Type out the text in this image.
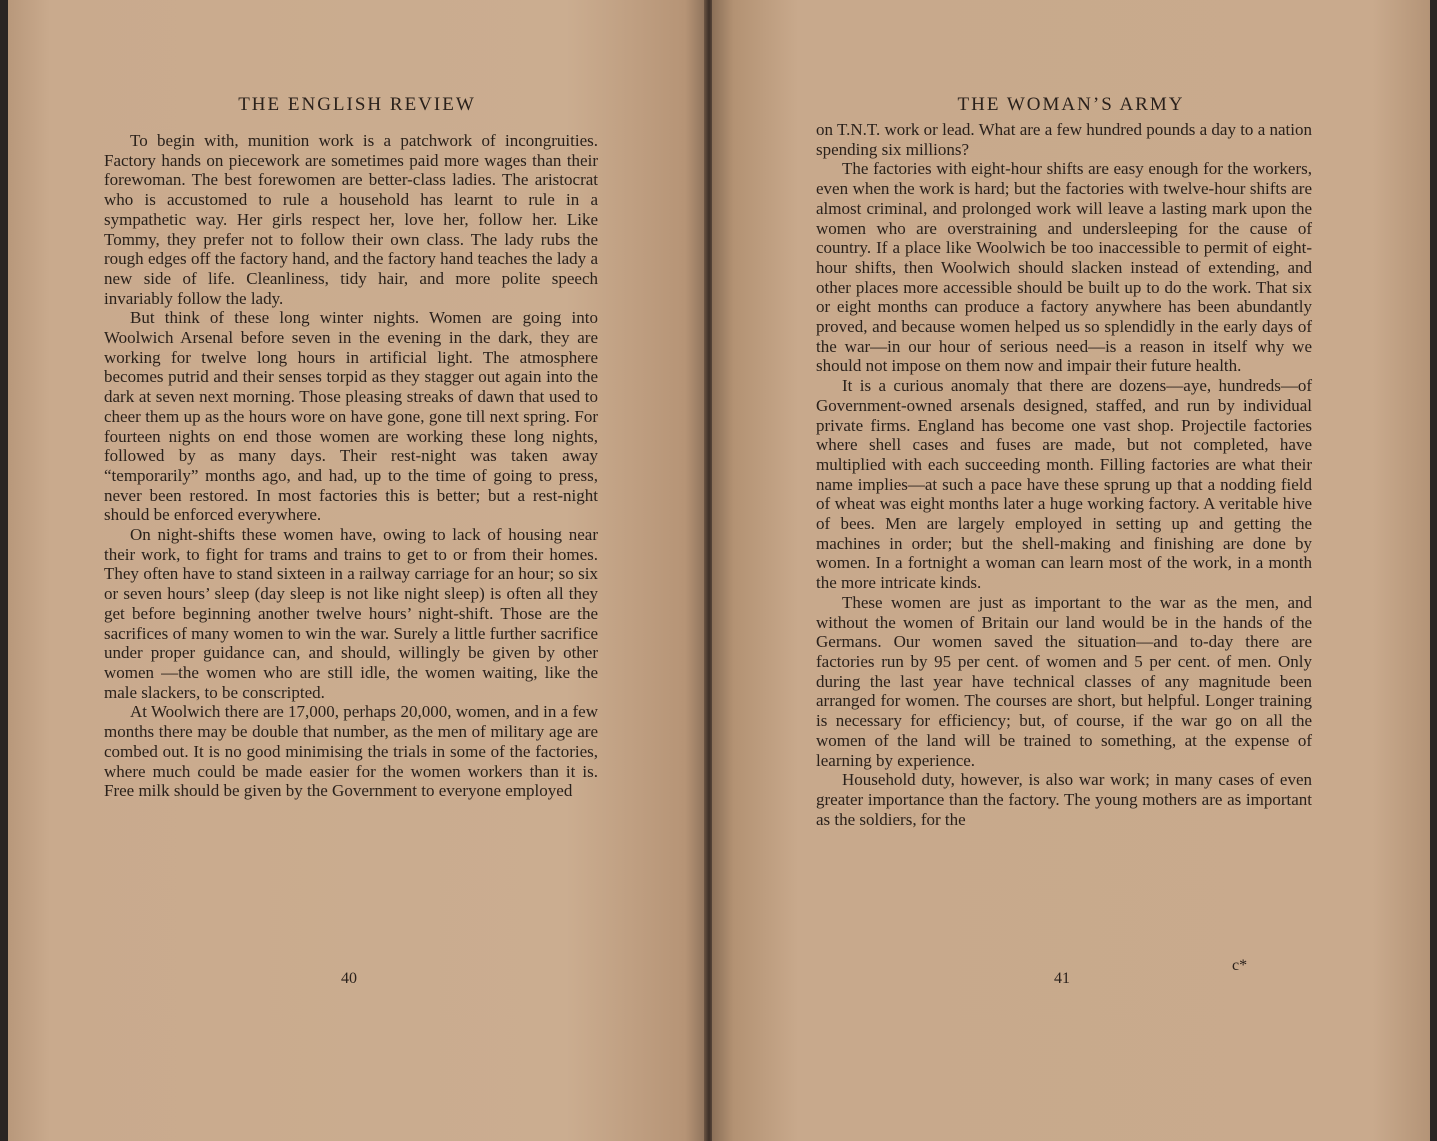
THE ENGLISH REVIEW

To begin with, munition work is a patchwork of incongruities. Factory hands on piecework are sometimes paid more wages than their forewoman. The best forewomen are better-class ladies. The aristocrat who is accustomed to rule a household has learnt to rule in a sympathetic way. Her girls respect her, love her, follow her. Like Tommy, they prefer not to follow their own class. The lady rubs the rough edges off the factory hand, and the factory hand teaches the lady a new side of life. Cleanliness, tidy hair, and more polite speech invariably follow the lady.

But think of these long winter nights. Women are going into Woolwich Arsenal before seven in the evening in the dark, they are working for twelve long hours in artificial light. The atmosphere becomes putrid and their senses torpid as they stagger out again into the dark at seven next morning. Those pleasing streaks of dawn that used to cheer them up as the hours wore on have gone, gone till next spring. For fourteen nights on end those women are working these long nights, followed by as many days. Their rest-night was taken away “temporarily” months ago, and had, up to the time of going to press, never been restored. In most factories this is better; but a rest-night should be enforced everywhere.

On night-shifts these women have, owing to lack of housing near their work, to fight for trams and trains to get to or from their homes. They often have to stand sixteen in a railway carriage for an hour; so six or seven hours’ sleep (day sleep is not like night sleep) is often all they get before beginning another twelve hours’ night-shift. Those are the sacrifices of many women to win the war. Surely a little further sacrifice under proper guidance can, and should, willingly be given by other women —the women who are still idle, the women waiting, like the male slackers, to be conscripted.

At Woolwich there are 17,000, perhaps 20,000, women, and in a few months there may be double that number, as the men of military age are combed out. It is no good minimising the trials in some of the factories, where much could be made easier for the women workers than it is. Free milk should be given by the Government to everyone employed

40

THE WOMAN’S ARMY

on T.N.T. work or lead. What are a few hundred pounds a day to a nation spending six millions?

The factories with eight-hour shifts are easy enough for the workers, even when the work is hard; but the factories with twelve-hour shifts are almost criminal, and prolonged work will leave a lasting mark upon the women who are overstraining and undersleeping for the cause of country. If a place like Woolwich be too inaccessible to permit of eight-hour shifts, then Woolwich should slacken instead of extending, and other places more accessible should be built up to do the work. That six or eight months can produce a factory anywhere has been abundantly proved, and because women helped us so splendidly in the early days of the war—in our hour of serious need—is a reason in itself why we should not impose on them now and impair their future health.

It is a curious anomaly that there are dozens—aye, hundreds—of Government-owned arsenals designed, staffed, and run by individual private firms. England has become one vast shop. Projectile factories where shell cases and fuses are made, but not completed, have multiplied with each succeeding month. Filling factories are what their name implies—at such a pace have these sprung up that a nodding field of wheat was eight months later a huge working factory. A veritable hive of bees. Men are largely employed in setting up and getting the machines in order; but the shell-making and finishing are done by women. In a fortnight a woman can learn most of the work, in a month the more intricate kinds.

These women are just as important to the war as the men, and without the women of Britain our land would be in the hands of the Germans. Our women saved the situation—and to-day there are factories run by 95 per cent. of women and 5 per cent. of men. Only during the last year have technical classes of any magnitude been arranged for women. The courses are short, but helpful. Longer training is necessary for efficiency; but, of course, if the war go on all the women of the land will be trained to something, at the expense of learning by experience.

Household duty, however, is also war work; in many cases of even greater importance than the factory. The young mothers are as important as the soldiers, for the

41

c*
